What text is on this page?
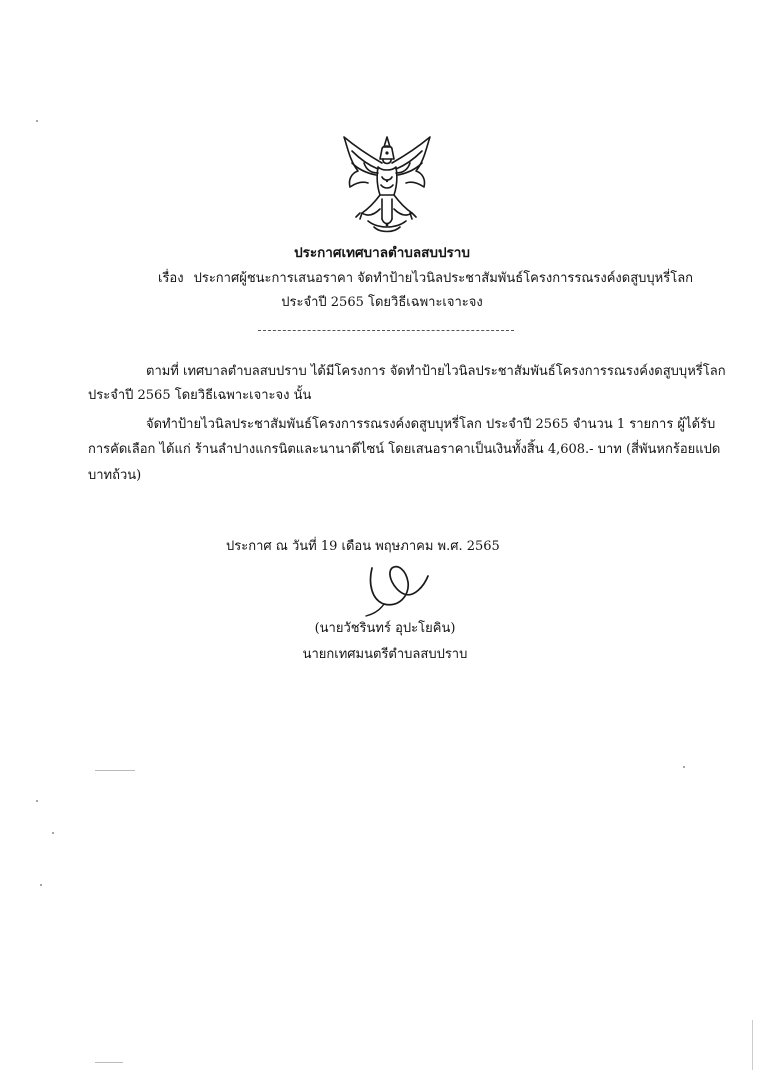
ประกาศเทศบาลตำบลสบปราบ
เรื่อง ประกาศผู้ชนะการเสนอราคา จัดทำป้ายไวนิลประชาสัมพันธ์โครงการรณรงค์งดสูบบุหรี่โลก
ประจำปี 2565 โดยวิธีเฉพาะเจาะจง
ตามที่ เทศบาลตำบลสบปราบ ได้มีโครงการ จัดทำป้ายไวนิลประชาสัมพันธ์โครงการรณรงค์งดสูบบุหรี่โลก
ประจำปี 2565 โดยวิธีเฉพาะเจาะจง นั้น
จัดทำป้ายไวนิลประชาสัมพันธ์โครงการรณรงค์งดสูบบุหรี่โลก ประจำปี 2565 จำนวน 1 รายการ ผู้ได้รับ
การคัดเลือก ได้แก่ ร้านลำปางแกรนิตและนานาดีไซน์ โดยเสนอราคาเป็นเงินทั้งสิ้น 4,608.- บาท (สี่พันหกร้อยแปด
บาทถ้วน)
ประกาศ ณ วันที่ 19 เดือน พฤษภาคม พ.ศ. 2565
(นายวัชรินทร์ อุปะโยคิน)
นายกเทศมนตรีตำบลสบปราบ
